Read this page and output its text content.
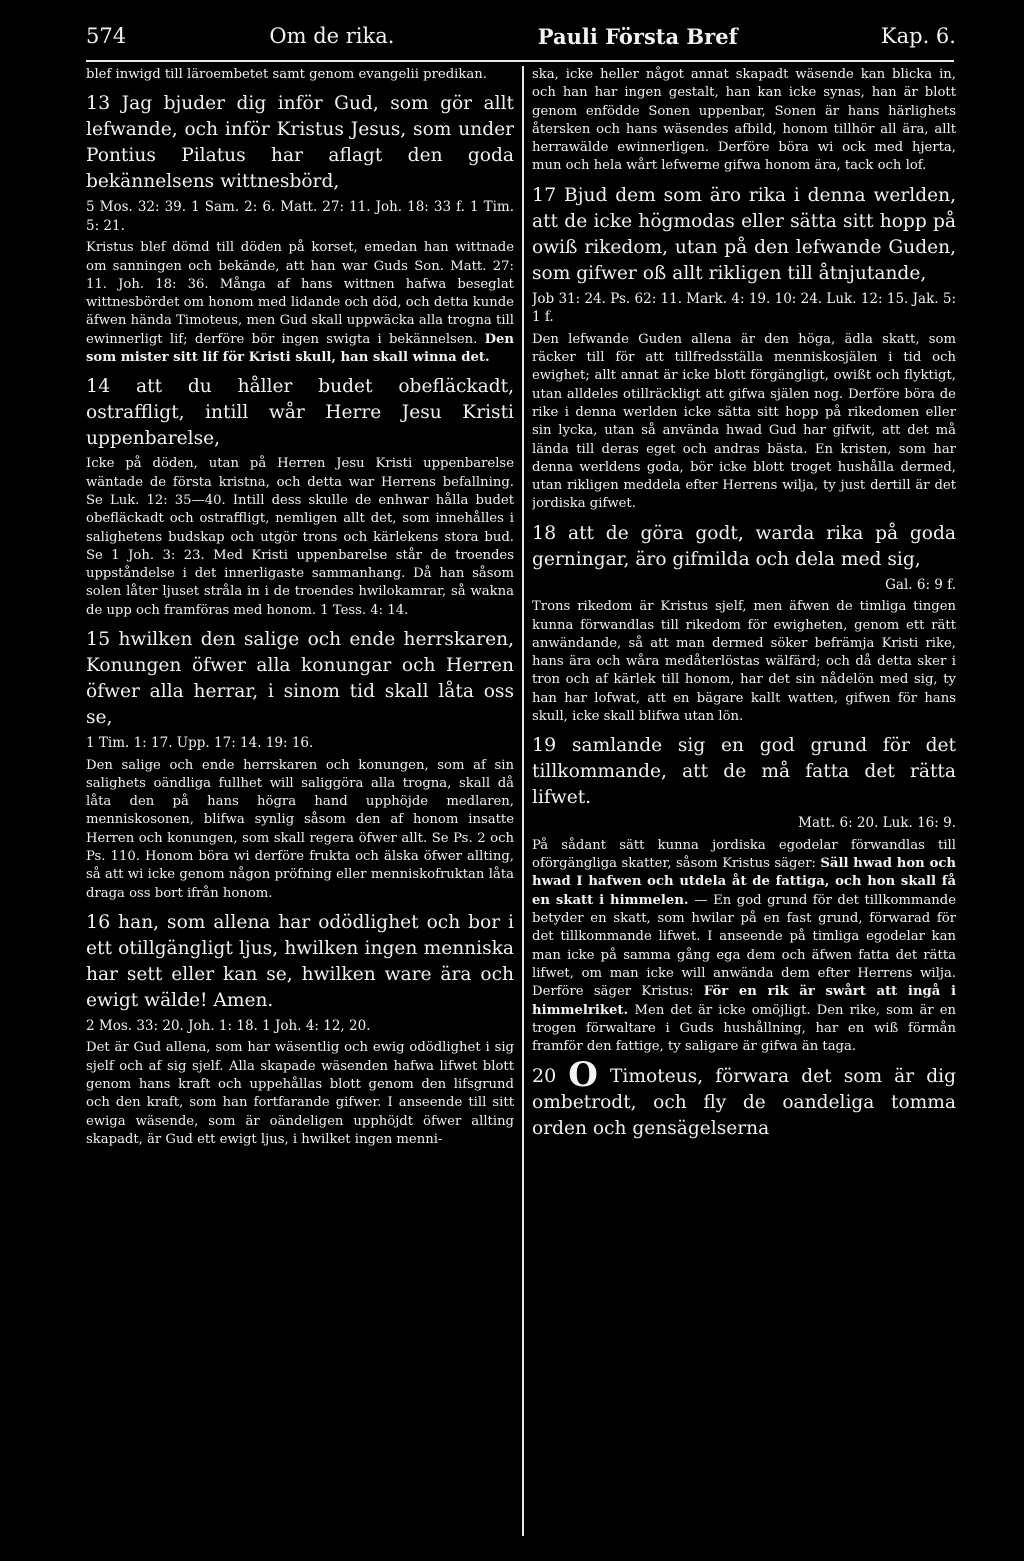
574	Om de rika.	Pauli Första Bref	Kap. 6.

blef inwigd till läroembetet samt genom evangelii predikan.

13 Jag bjuder dig inför Gud, som gör allt lefwande, och inför Kristus Jesus, som under Pontius Pilatus har aflagt den goda bekännelsens wittnesbörd,

5 Mos. 32: 39. 1 Sam. 2: 6. Matt. 27: 11. Joh. 18: 33 f. 1 Tim. 5: 21.

Kristus blef dömd till döden på korset, emedan han wittnade om sanningen och bekände, att han war Guds Son. Matt. 27: 11. Joh. 18: 36. Många af hans wittnen hafwa beseglat wittnesbördet om honom med lidande och död, och detta kunde äfwen hända Timoteus, men Gud skall uppwäcka alla trogna till ewinnerligt lif; derföre bör ingen swigta i bekännelsen. Den som mister sitt lif för Kristi skull, han skall winna det.

14 att du håller budet obefläckadt, ostraffligt, intill wår Herre Jesu Kristi uppenbarelse,

Icke på döden, utan på Herren Jesu Kristi uppenbarelse wäntade de första kristna, och detta war Herrens befallning. Se Luk. 12: 35—40. Intill dess skulle de enhwar hålla budet obefläckadt och ostraffligt, nemligen allt det, som innehålles i salighetens budskap och utgör trons och kärlekens stora bud. Se 1 Joh. 3: 23. Med Kristi uppenbarelse står de troendes uppståndelse i det innerligaste sammanhang. Då han såsom solen låter ljuset stråla in i de troendes hwilokamrar, så wakna de upp och framföras med honom. 1 Tess. 4: 14.

15 hwilken den salige och ende herrskaren, Konungen öfwer alla konungar och Herren öfwer alla herrar, i sinom tid skall låta oss se,

1 Tim. 1: 17. Upp. 17: 14. 19: 16.

Den salige och ende herrskaren och konungen, som af sin salighets oändliga fullhet will saliggöra alla trogna, skall då låta den på hans högra hand upphöjde medlaren, menniskosonen, blifwa synlig såsom den af honom insatte Herren och konungen, som skall regera öfwer allt. Se Ps. 2 och Ps. 110. Honom böra wi derföre frukta och älska öfwer allting, så att wi icke genom någon pröfning eller menniskofruktan låta draga oss bort ifrån honom.

16 han, som allena har odödlighet och bor i ett otillgängligt ljus, hwilken ingen menniska har sett eller kan se, hwilken ware ära och ewigt wälde! Amen.

2 Mos. 33: 20. Joh. 1: 18. 1 Joh. 4: 12, 20.

Det är Gud allena, som har wäsentlig och ewig odödlighet i sig sjelf och af sig sjelf. Alla skapade wäsenden hafwa lifwet blott genom hans kraft och uppehållas blott genom den lifsgrund och den kraft, som han fortfarande gifwer. I anseende till sitt ewiga wäsende, som är oändeligen upphöjdt öfwer allting skapadt, är Gud ett ewigt ljus, i hwilket ingen menni-

ska, icke heller något annat skapadt wäsende kan blicka in, och han har ingen gestalt, han kan icke synas, han är blott genom enfödde Sonen uppenbar, Sonen är hans härlighets återsken och hans wäsendes afbild, honom tillhör all ära, allt herrawälde ewinnerligen. Derföre böra wi ock med hjerta, mun och hela wårt lefwerne gifwa honom ära, tack och lof.

17 Bjud dem som äro rika i denna werlden, att de icke högmodas eller sätta sitt hopp på owiß rikedom, utan på den lefwande Guden, som gifwer oß allt rikligen till åtnjutande,

Job 31: 24. Ps. 62: 11. Mark. 4: 19. 10: 24. Luk. 12: 15. Jak. 5: 1 f.

Den lefwande Guden allena är den höga, ädla skatt, som räcker till för att tillfredsställa menniskosjälen i tid och ewighet; allt annat är icke blott förgängligt, owißt och flyktigt, utan alldeles otillräckligt att gifwa själen nog. Derföre böra de rike i denna werlden icke sätta sitt hopp på rikedomen eller sin lycka, utan så använda hwad Gud har gifwit, att det må lända till deras eget och andras bästa. En kristen, som har denna werldens goda, bör icke blott troget hushålla dermed, utan rikligen meddela efter Herrens wilja, ty just dertill är det jordiska gifwet.

18 att de göra godt, warda rika på goda gerningar, äro gifmilda och dela med sig,

Gal. 6: 9 f.

Trons rikedom är Kristus sjelf, men äfwen de timliga tingen kunna förwandlas till rikedom för ewigheten, genom ett rätt anwändande, så att man dermed söker befrämja Kristi rike, hans ära och wåra medåterlöstas wälfärd; och då detta sker i tron och af kärlek till honom, har det sin nådelön med sig, ty han har lofwat, att en bägare kallt watten, gifwen för hans skull, icke skall blifwa utan lön.

19 samlande sig en god grund för det tillkommande, att de må fatta det rätta lifwet.

Matt. 6: 20. Luk. 16: 9.

På sådant sätt kunna jordiska egodelar förwandlas till oförgängliga skatter, såsom Kristus säger: Säll hwad hon och hwad I hafwen och utdela åt de fattiga, och hon skall få en skatt i himmelen. — En god grund för det tillkommande betyder en skatt, som hwilar på en fast grund, förwarad för det tillkommande lifwet. I anseende på timliga egodelar kan man icke på samma gång ega dem och äfwen fatta det rätta lifwet, om man icke will anwända dem efter Herrens wilja. Derföre säger Kristus: För en rik är swårt att ingå i himmelriket. Men det är icke omöjligt. Den rike, som är en trogen förwaltare i Guds hushållning, har en wiß förmån framför den fattige, ty saligare är gifwa än taga.

20 O Timoteus, förwara det som är dig ombetrodt, och fly de oandeliga tomma orden och gensägelserna
